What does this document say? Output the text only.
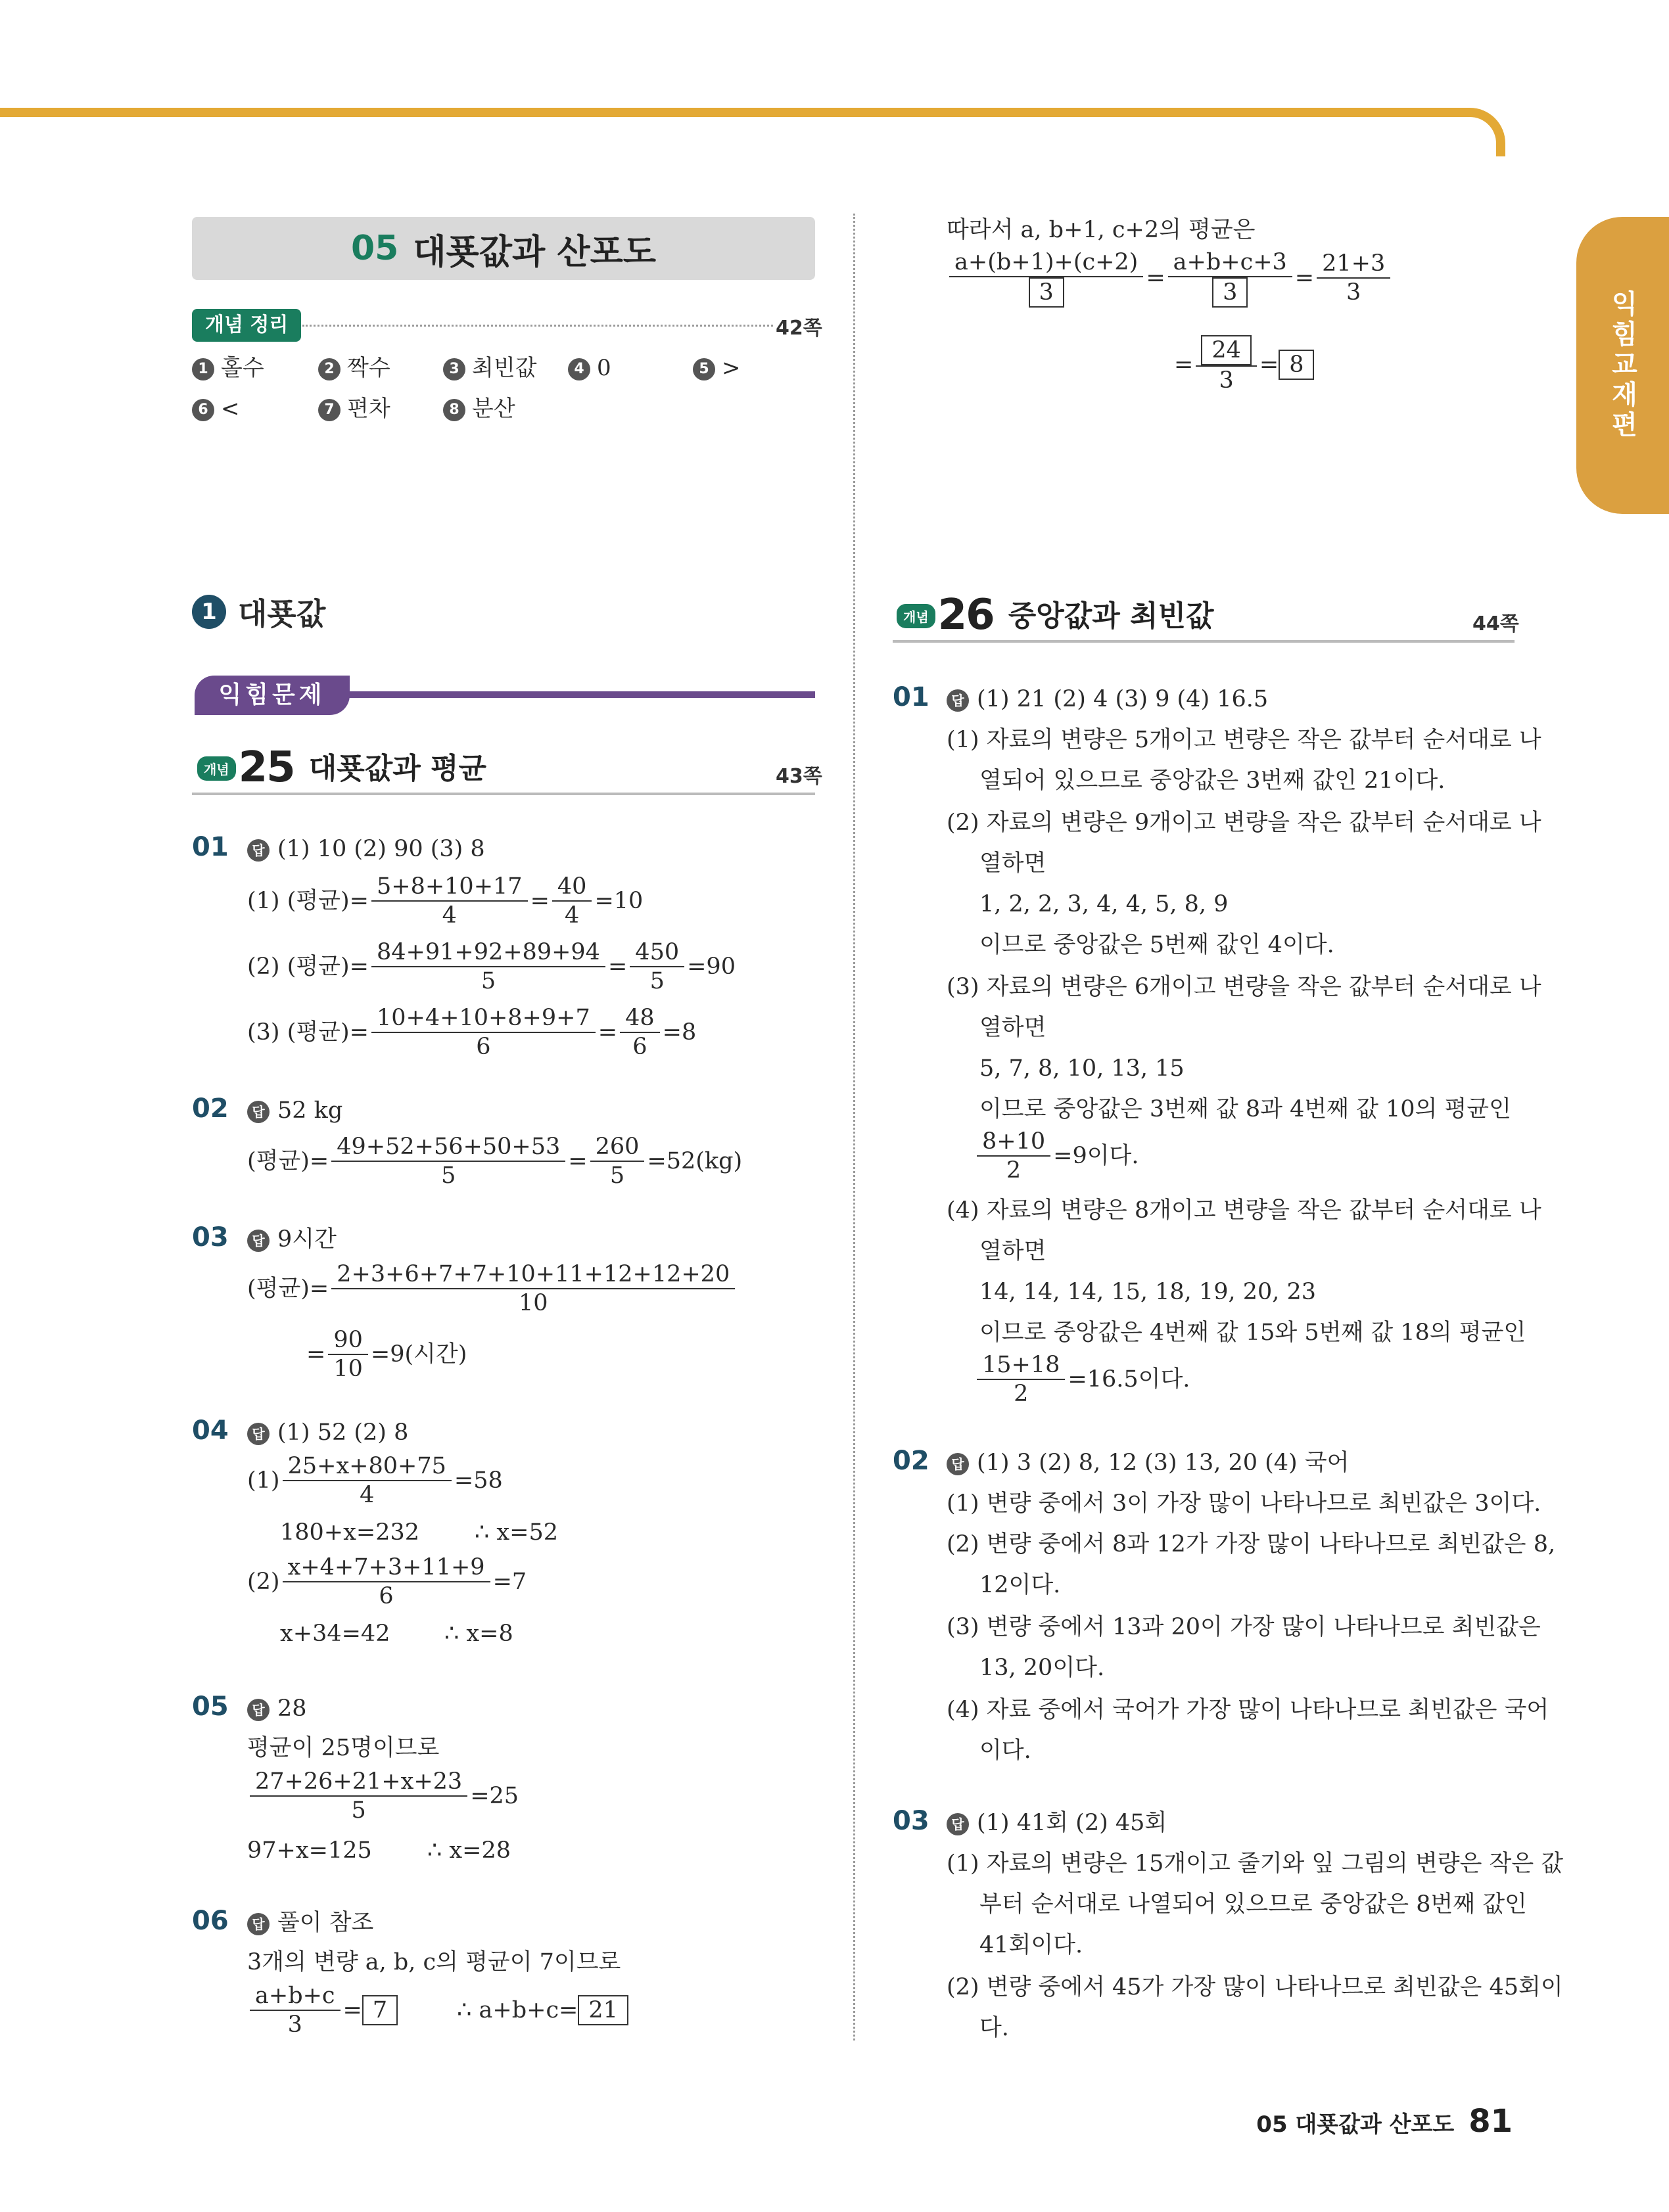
익힘교재편
05 대푯값과 산포도
개념 정리	42쪽
1 홀수	2 짝수	3 최빈값	4 0	5 >
6 <	7 편차	8 분산
1 대푯값
익힘문제
개념 25 대푯값과 평균	43쪽
01	답 (1) 10 (2) 90 (3) 8
(1) (평균)= $\frac{5+8+10+17}{4} = \frac{40}{4} =10$
(2) (평균)= $\frac{84+91+92+89+94}{5} = \frac{450}{5} =90$
(3) (평균)= $\frac{10+4+10+8+9+7}{6} = \frac{48}{6} =8$
02	답 52 kg
(평균)= $\frac{49+52+56+50+53}{5} = \frac{260}{5} =52(kg)$
03	답 9시간
(평균)= $\frac{2+3+6+7+7+10+11+12+12+20}{10}$
= $\frac{90}{10} =9$(시간)
04	답 (1) 52 (2) 8
$(1) \frac{25+x+80+75}{4} =58$
180+x=232 ∴ x=52
$(2) \frac{x+4+7+3+11+9}{6} =7$
x+34=42 ∴ x=8
05	답 28
평균이 25명이므로
$\frac{27+26+21+x+23}{5} =25$
97+x=125 ∴ x=28
06	답 풀이 참조
3개의 변량 a, b, c의 평균이 7이므로
$\frac{a+b+c}{3} = 7$	∴ a+b+c= 21
따라서 a, b+1, c+2의 평균은
$\frac{a+(b+1)+(c+2)}{3} = \frac{a+b+c+3}{3} = \frac{21+3}{3}$
= $\frac{24}{3} = 8$
개념 26 중앙값과 최빈값	44쪽
01	답 (1) 21 (2) 4 (3) 9 (4) 16.5
(1) 자료의 변량은 5개이고 변량은 작은 값부터 순서대로 나
열되어 있으므로 중앙값은 3번째 값인 21이다.
(2) 자료의 변량은 9개이고 변량을 작은 값부터 순서대로 나
열하면
1, 2, 2, 3, 4, 4, 5, 8, 9
이므로 중앙값은 5번째 값인 4이다.
(3) 자료의 변량은 6개이고 변량을 작은 값부터 순서대로 나
열하면
5, 7, 8, 10, 13, 15
이므로 중앙값은 3번째 값 8과 4번째 값 10의 평균인
$\frac{8+10}{2} =9$이다.
(4) 자료의 변량은 8개이고 변량을 작은 값부터 순서대로 나
열하면
14, 14, 14, 15, 18, 19, 20, 23
이므로 중앙값은 4번째 값 15와 5번째 값 18의 평균인
$\frac{15+18}{2} =16.5$이다.
02	답 (1) 3 (2) 8, 12 (3) 13, 20 (4) 국어
(1) 변량 중에서 3이 가장 많이 나타나므로 최빈값은 3이다.
(2) 변량 중에서 8과 12가 가장 많이 나타나므로 최빈값은 8,
12이다.
(3) 변량 중에서 13과 20이 가장 많이 나타나므로 최빈값은
13, 20이다.
(4) 자료 중에서 국어가 가장 많이 나타나므로 최빈값은 국어
이다.
03	답 (1) 41회 (2) 45회
(1) 자료의 변량은 15개이고 줄기와 잎 그림의 변량은 작은 값
부터 순서대로 나열되어 있으므로 중앙값은 8번째 값인
41회이다.
(2) 변량 중에서 45가 가장 많이 나타나므로 최빈값은 45회이
다.
05 대푯값과 산포도 81
